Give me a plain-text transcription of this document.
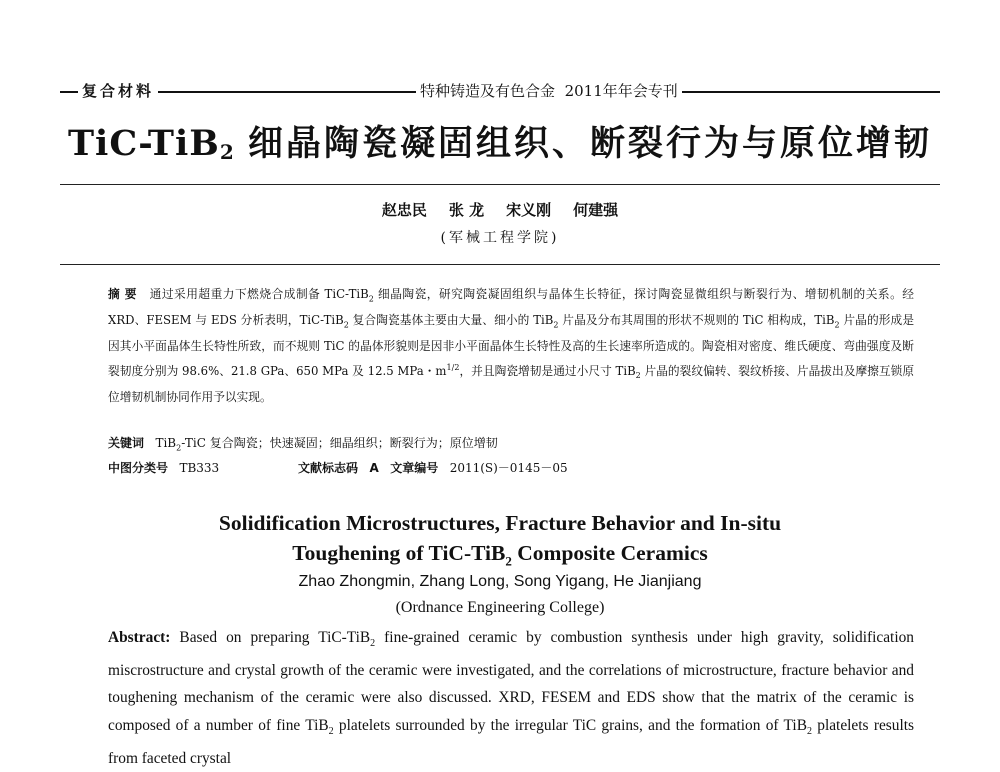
复合材料	特种铸造及有色合金 2011年年会专刊
TiC-TiB$_2$ 细晶陶瓷凝固组织、断裂行为与原位增韧
赵忠民 张 龙 宋义刚 何建强
(军械工程学院)
摘 要 通过采用超重力下燃烧合成制备 TiC-TiB$_2$ 细晶陶瓷，研究陶瓷凝固组织与晶体生长特征，探讨陶瓷显微组织与断裂行为、增韧机制的关系。经 XRD、FESEM 与 EDS 分析表明，TiC-TiB$_2$ 复合陶瓷基体主要由大量、细小的 TiB$_2$ 片晶及分布其周围的形状不规则的 TiC 相构成，TiB$_2$ 片晶的形成是因其小平面晶体生长特性所致，而不规则 TiC 的晶体形貌则是因非小平面晶体生长特性及高的生长速率所造成的。陶瓷相对密度、维氏硬度、弯曲强度及断裂韧度分别为 98.6%、21.8 GPa、650 MPa 及 12.5 MPa・$m^{1/2}$，并且陶瓷增韧是通过小尺寸 TiB$_2$ 片晶的裂纹偏转、裂纹桥接、片晶拔出及摩擦互锁原位增韧机制协同作用予以实现。
关键词 TiB$_2$-TiC 复合陶瓷；快速凝固；细晶组织；断裂行为；原位增韧
中图分类号 TB333	文献标志码 A 文章编号 2011(S)－0145－05
Solidification Microstructures, Fracture Behavior and In-situ
Toughening of TiC-TiB$_2$ Composite Ceramics
Zhao Zhongmin, Zhang Long, Song Yigang, He Jianjiang
(Ordnance Engineering College)
Abstract: Based on preparing TiC-TiB$_2$ fine-grained ceramic by combustion synthesis under high gravity, solidification miscrostructure and crystal growth of the ceramic were investigated, and the correlations of microstructure, fracture behavior and toughening mechanism of the ceramic were also discussed. XRD, FESEM and EDS show that the matrix of the ceramic is composed of a number of fine TiB$_2$ platelets surrounded by the irregular TiC grains, and the formation of TiB$_2$ platelets results from faceted crystal
